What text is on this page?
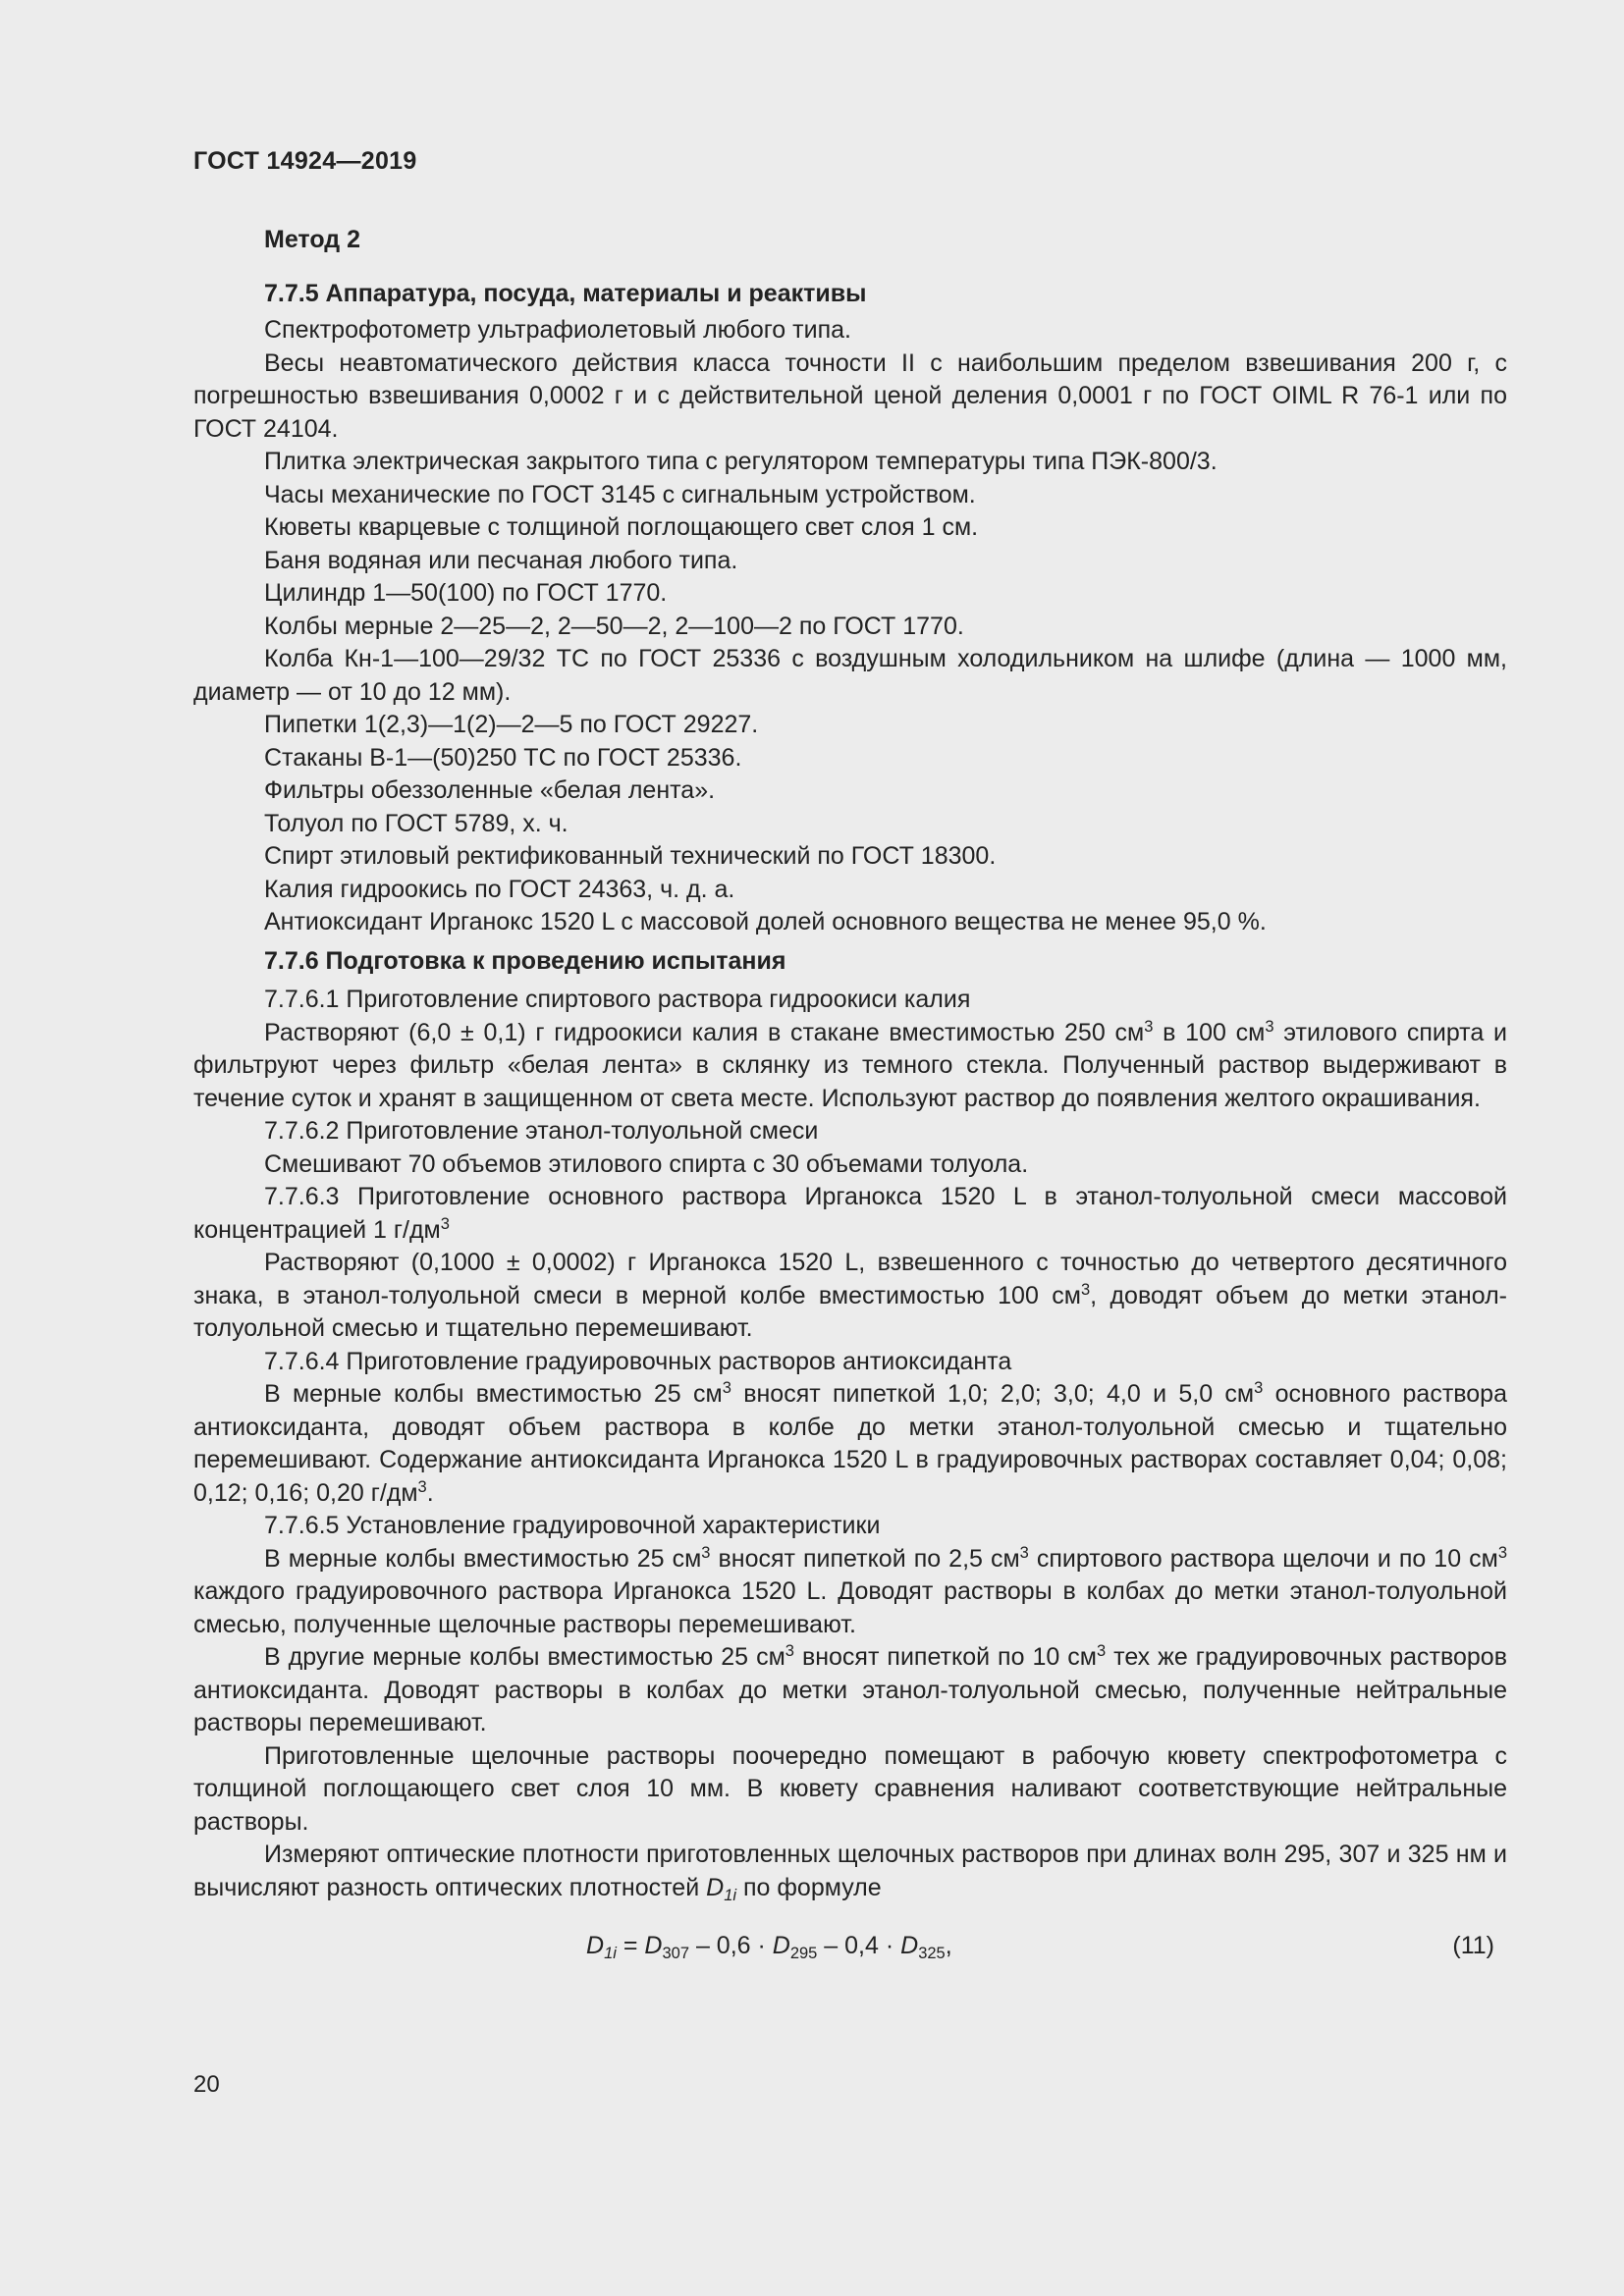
ГОСТ 14924—2019

Метод 2

7.7.5 Аппаратура, посуда, материалы и реактивы

Спектрофотометр ультрафиолетовый любого типа.

Весы неавтоматического действия класса точности II с наибольшим пределом взвешивания 200 г, с погрешностью взвешивания 0,0002 г и с действительной ценой деления 0,0001 г по ГОСТ OIML R 76-1 или по ГОСТ 24104.

Плитка электрическая закрытого типа с регулятором температуры типа ПЭК-800/3.

Часы механические по ГОСТ 3145 с сигнальным устройством.

Кюветы кварцевые с толщиной поглощающего свет слоя 1 см.

Баня водяная или песчаная любого типа.

Цилиндр 1—50(100) по ГОСТ 1770.

Колбы мерные 2—25—2, 2—50—2, 2—100—2 по ГОСТ 1770.

Колба Кн-1—100—29/32 ТС по ГОСТ 25336 с воздушным холодильником на шлифе (длина — 1000 мм, диаметр — от 10 до 12 мм).

Пипетки 1(2,3)—1(2)—2—5 по ГОСТ 29227.

Стаканы В-1—(50)250 ТС по ГОСТ 25336.

Фильтры обеззоленные «белая лента».

Толуол по ГОСТ 5789, х. ч.

Спирт этиловый ректификованный технический по ГОСТ 18300.

Калия гидроокись по ГОСТ 24363, ч. д. а.

Антиоксидант Ирганокс 1520 L с массовой долей основного вещества не менее 95,0 %.

7.7.6 Подготовка к проведению испытания

7.7.6.1 Приготовление спиртового раствора гидроокиси калия

Растворяют (6,0 ± 0,1) г гидроокиси калия в стакане вместимостью 250 $см^3$ в 100 $см^3$ этилового спирта и фильтруют через фильтр «белая лента» в склянку из темного стекла. Полученный раствор выдерживают в течение суток и хранят в защищенном от света месте. Используют раствор до появления желтого окрашивания.

7.7.6.2 Приготовление этанол-толуольной смеси

Смешивают 70 объемов этилового спирта с 30 объемами толуола.

7.7.6.3 Приготовление основного раствора Ирганокса 1520 L в этанол-толуольной смеси массовой концентрацией 1 $г/дм^3$

Растворяют (0,1000 ± 0,0002) г Ирганокса 1520 L, взвешенного с точностью до четвертого десятичного знака, в этанол-толуольной смеси в мерной колбе вместимостью 100 $см^3$, доводят объем до метки этанол-толуольной смесью и тщательно перемешивают.

7.7.6.4 Приготовление градуировочных растворов антиоксиданта

В мерные колбы вместимостью 25 $см^3$ вносят пипеткой 1,0; 2,0; 3,0; 4,0 и 5,0 $см^3$ основного раствора антиоксиданта, доводят объем раствора в колбе до метки этанол-толуольной смесью и тщательно перемешивают. Содержание антиоксиданта Ирганокса 1520 L в градуировочных растворах составляет 0,04; 0,08; 0,12; 0,16; 0,20 $г/дм^3$.

7.7.6.5 Установление градуировочной характеристики

В мерные колбы вместимостью 25 $см^3$ вносят пипеткой по 2,5 $см^3$ спиртового раствора щелочи и по 10 $см^3$ каждого градуировочного раствора Ирганокса 1520 L. Доводят растворы в колбах до метки этанол-толуольной смесью, полученные щелочные растворы перемешивают.

В другие мерные колбы вместимостью 25 $см^3$ вносят пипеткой по 10 $см^3$ тех же градуировочных растворов антиоксиданта. Доводят растворы в колбах до метки этанол-толуольной смесью, полученные нейтральные растворы перемешивают.

Приготовленные щелочные растворы поочередно помещают в рабочую кювету спектрофотометра с толщиной поглощающего свет слоя 10 мм. В кювету сравнения наливают соответствующие нейтральные растворы.

Измеряют оптические плотности приготовленных щелочных растворов при длинах волн 295, 307 и 325 нм и вычисляют разность оптических плотностей $D_{1i}$ по формуле

$D_{1i} = D_{307} - 0,6 \cdot D_{295} - 0,4 \cdot D_{325}$,	(11)
20
